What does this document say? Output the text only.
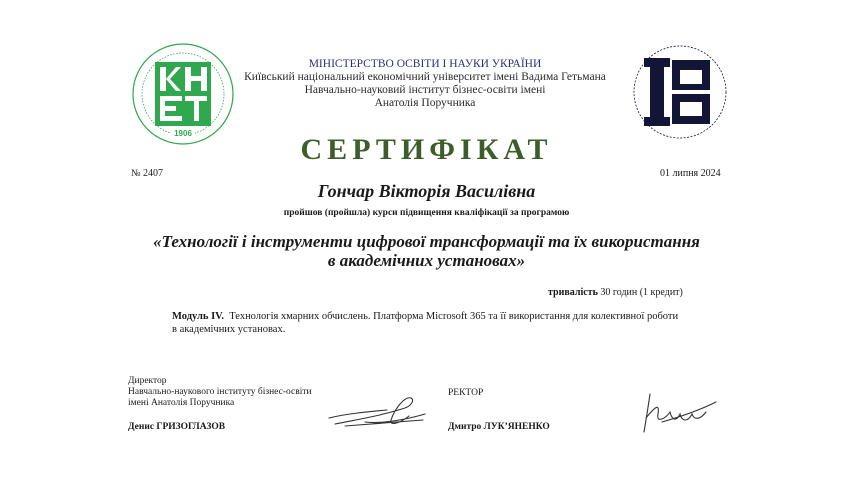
1906
МІНІСТЕРСТВО ОСВІТИ І НАУКИ УКРАЇНИ
Київський національний економічний університет імені Вадима Гетьмана
Навчально-науковий інститут бізнес-освіти імені
Анатолія Поручника
СЕРТИФІКАТ
№ 2407	01 липня 2024
Гончар Вікторія Василівна
пройшов (пройшла) курси підвищення кваліфікації за програмою
«Технології і інструменти цифрової трансформації та їх використання
в академічних установах»
тривалість 30 годин (1 кредит)
Модуль IV. Технологія хмарних обчислень. Платформа Microsoft 365 та її використання для колективної роботи
в академічних установах.
Директор
Навчально-наукового інституту бізнес-освіти
імені Анатолія Поручника
Денис ГРИЗОГЛАЗОВ
РЕКТОР
Дмитро ЛУК’ЯНЕНКО
